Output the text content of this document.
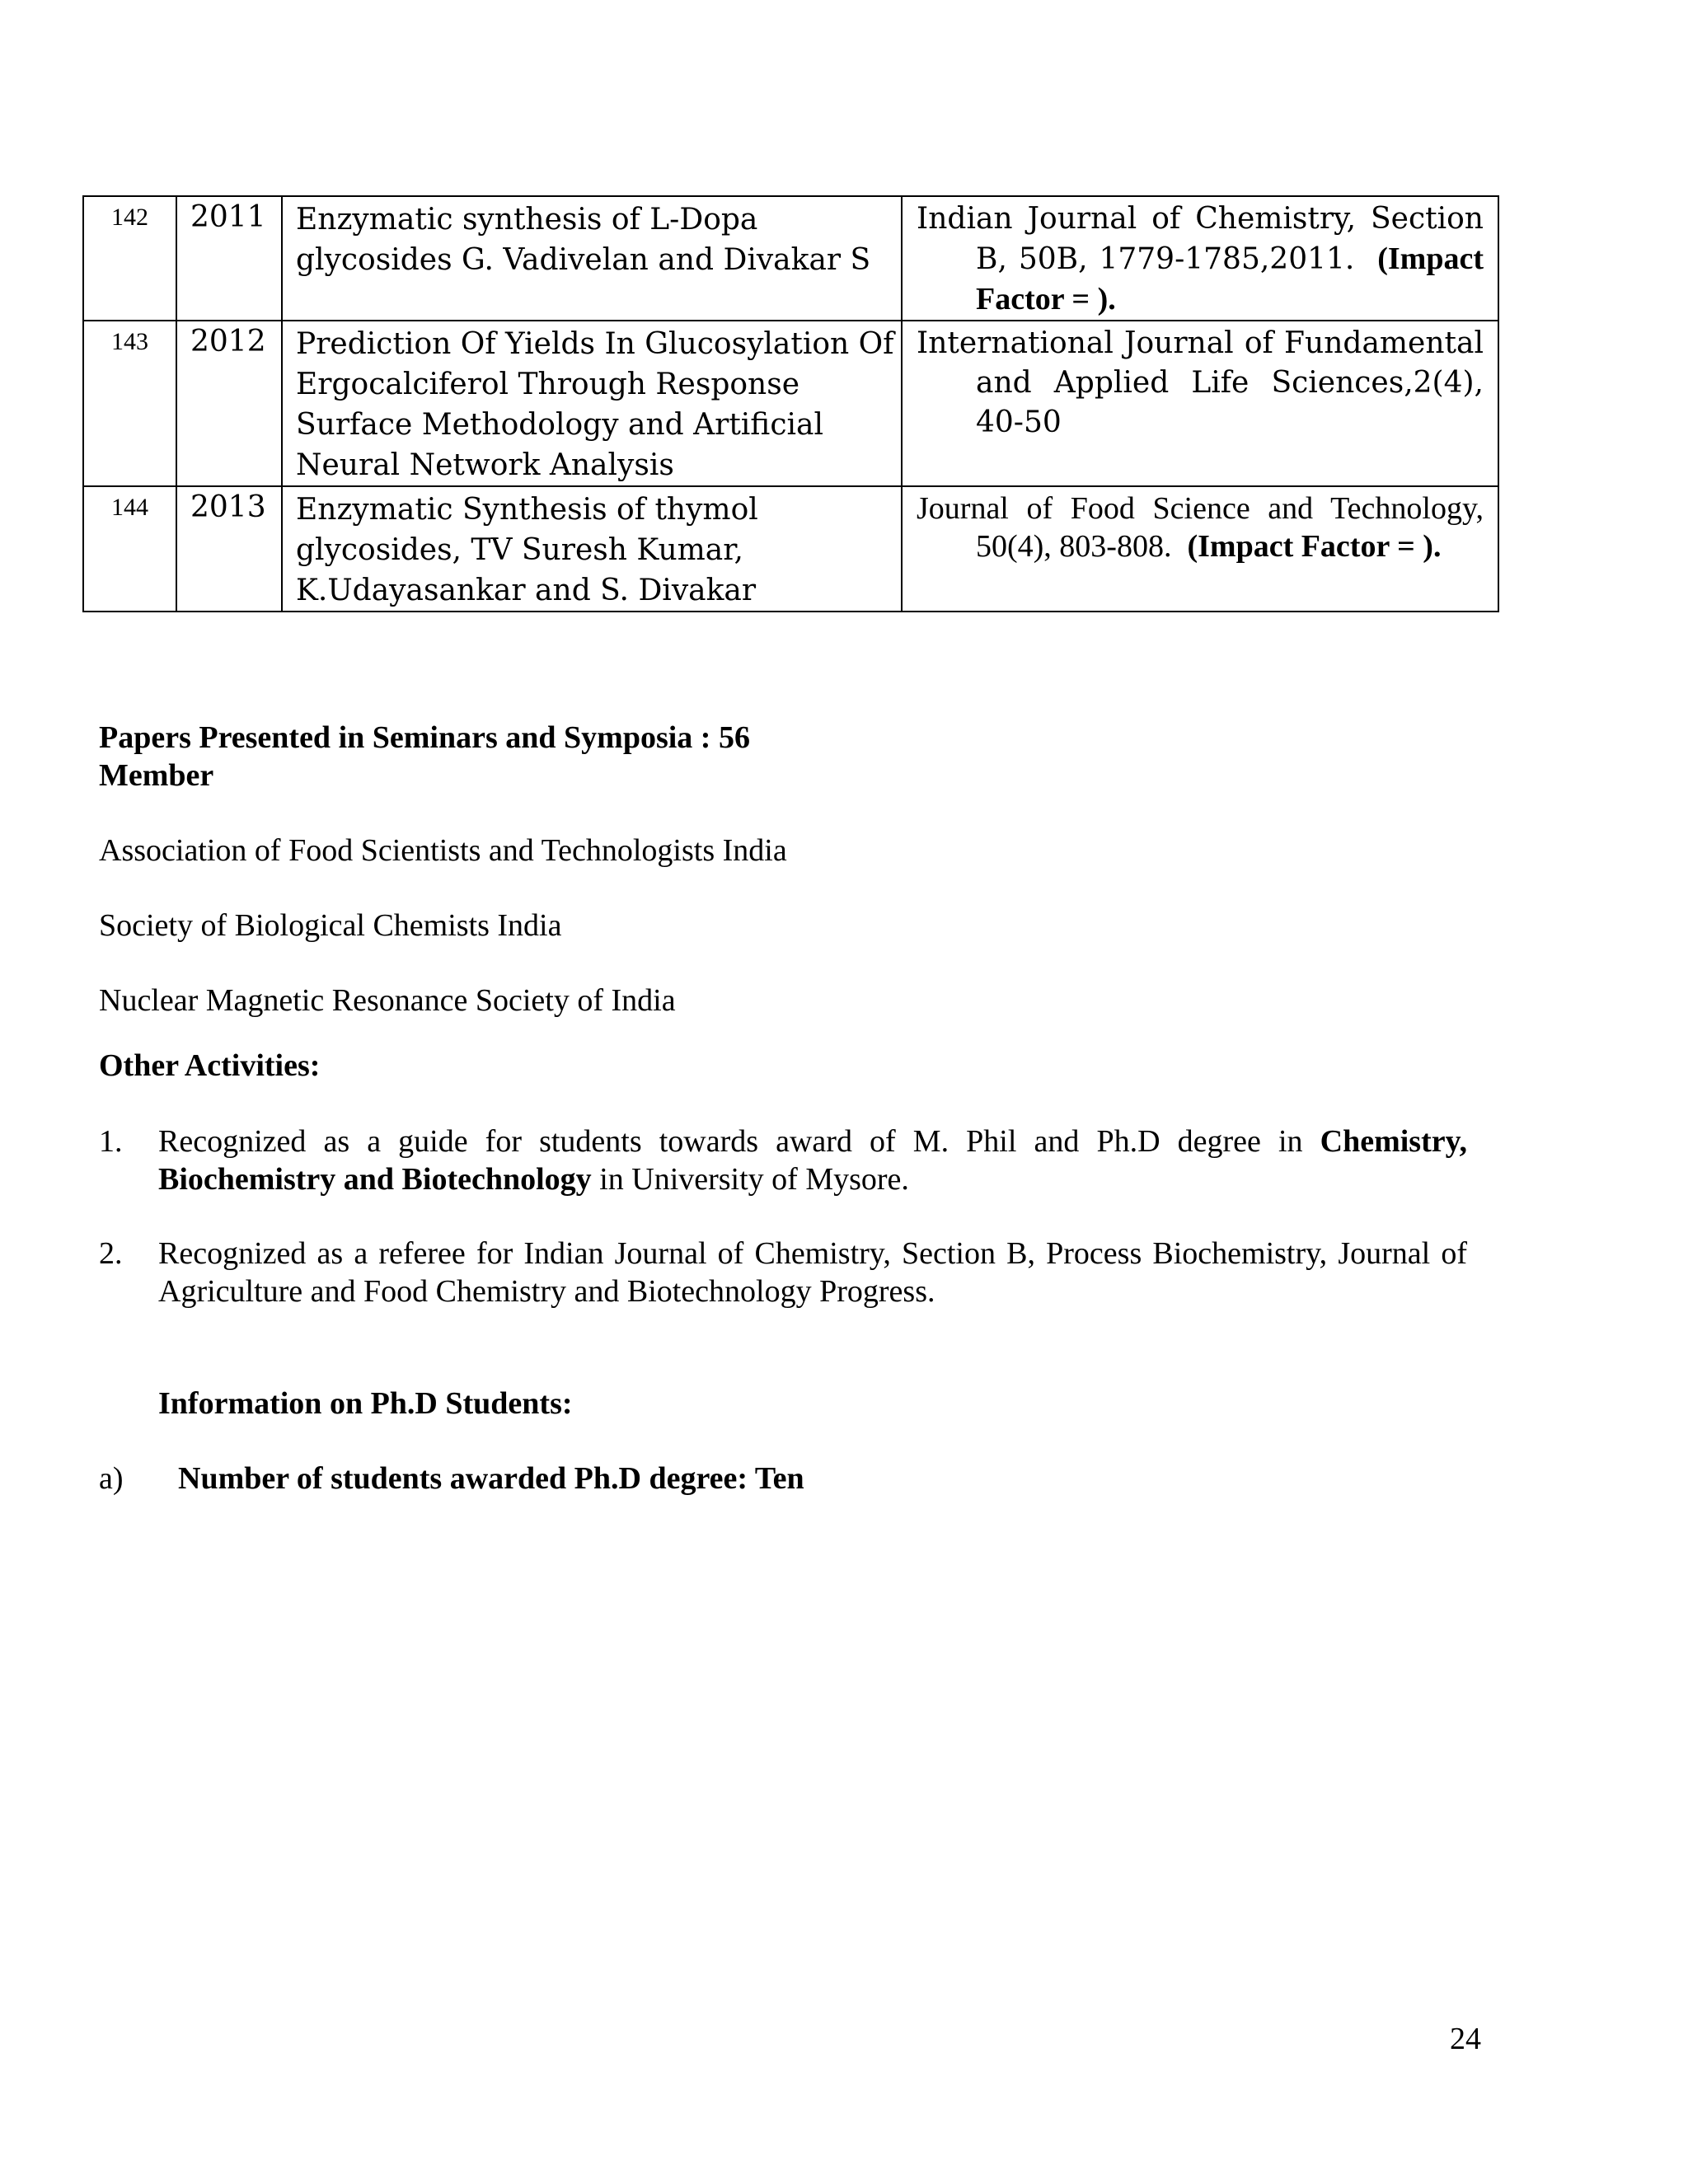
142	2011	Enzymatic synthesis of L-Dopa glycosides G. Vadivelan and Divakar S	Indian Journal of Chemistry, Section B, 50B, 1779-1785,2011. (Impact Factor = ).

143	2012	Prediction Of Yields In Glucosylation Of Ergocalciferol Through Response Surface Methodology and Artificial Neural Network Analysis	International Journal of Fundamental and Applied Life Sciences,2(4), 40-50

144	2013	Enzymatic Synthesis of thymol glycosides, TV Suresh Kumar, K.Udayasankar and S. Divakar	Journal of Food Science and Technology, 50(4), 803-808. (Impact Factor = ).
Papers Presented in Seminars and Symposia : 56
Member
Association of Food Scientists and Technologists India
Society of Biological Chemists India
Nuclear Magnetic Resonance Society of India
Other Activities:
1. Recognized as a guide for students towards award of M. Phil and Ph.D degree in Chemistry, Biochemistry and Biotechnology in University of Mysore.
2. Recognized as a referee for Indian Journal of Chemistry, Section B, Process Biochemistry, Journal of Agriculture and Food Chemistry and Biotechnology Progress.
Information on Ph.D Students:
a) Number of students awarded Ph.D degree: Ten
24
